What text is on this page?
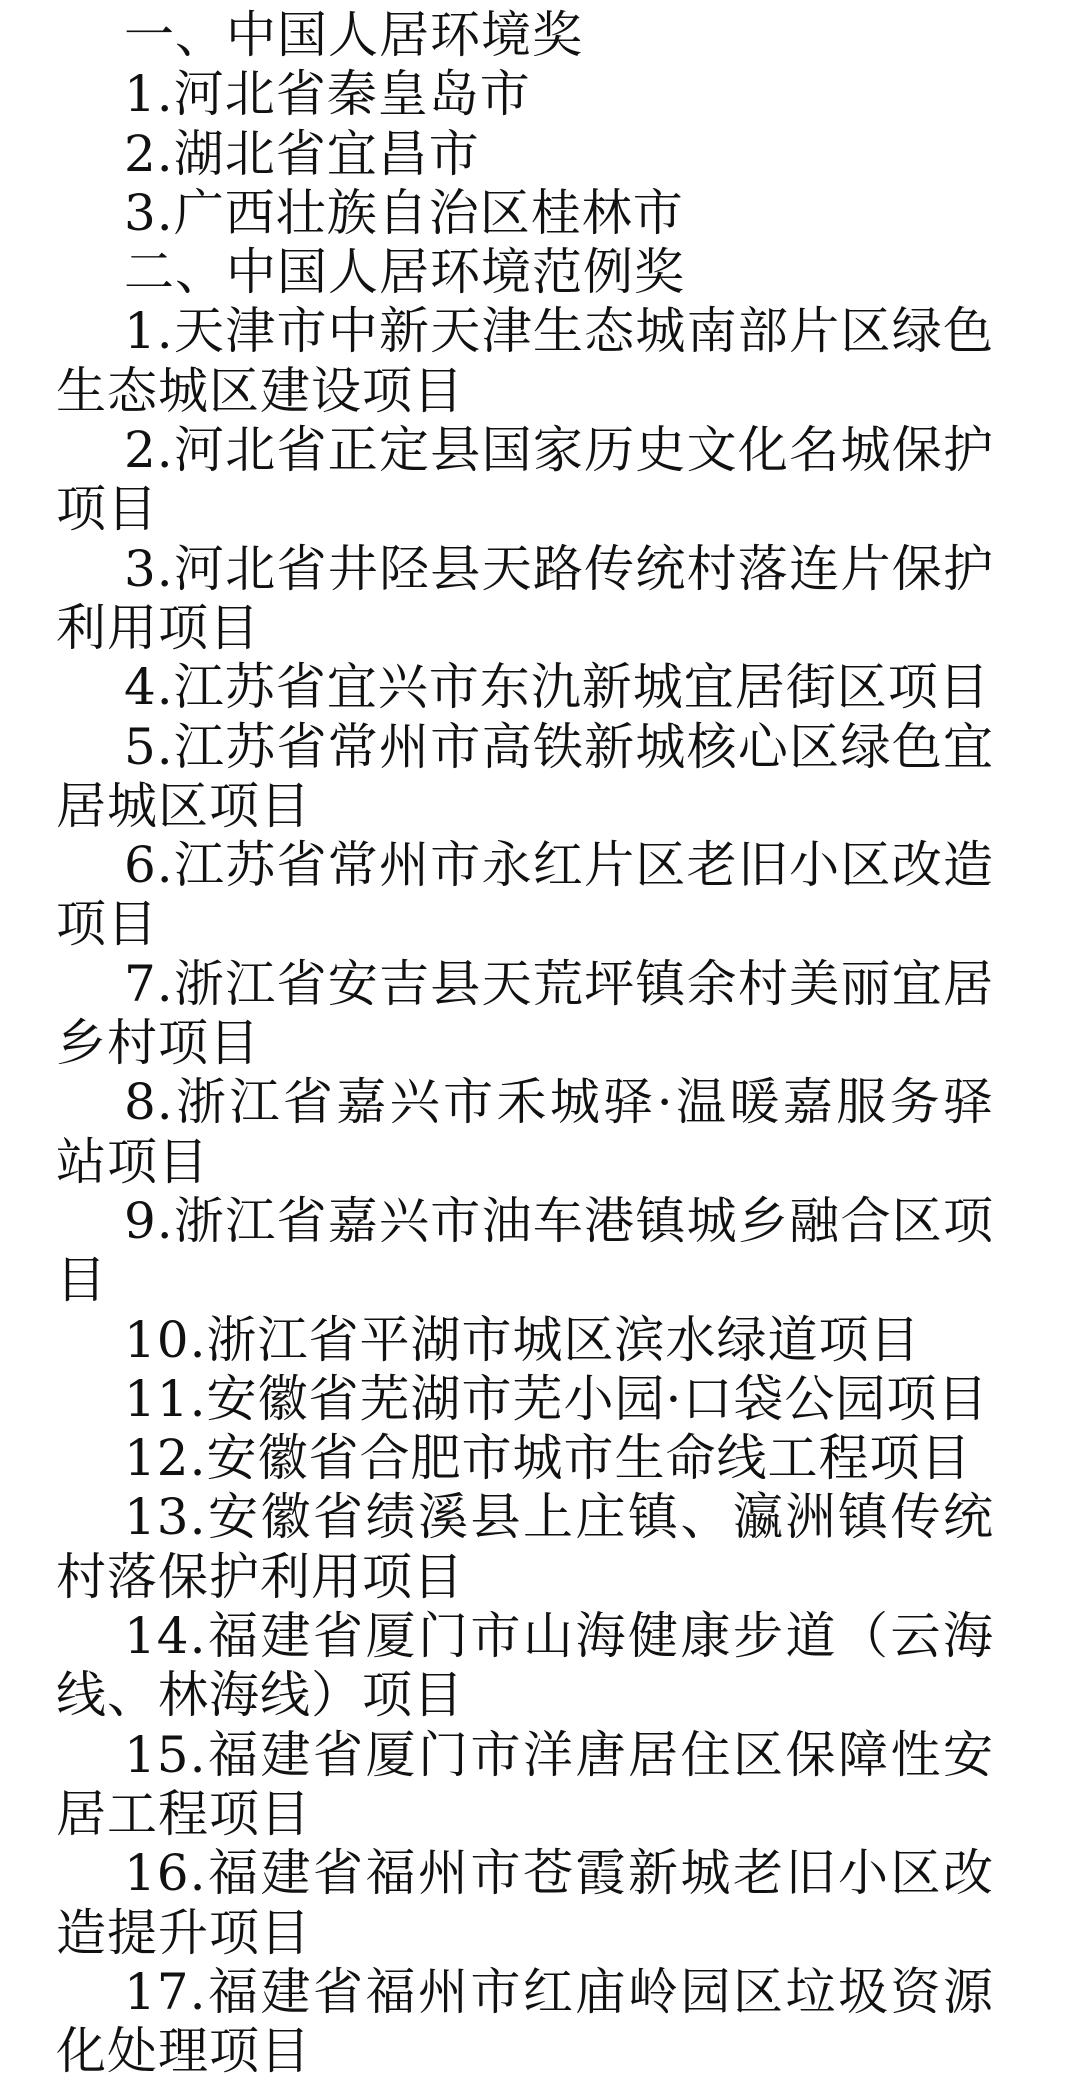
一、中国人居环境奖

1.河北省秦皇岛市

2.湖北省宜昌市

3.广西壮族自治区桂林市

二、中国人居环境范例奖

1.天津市中新天津生态城南部片区绿色生态城区建设项目

2.河北省正定县国家历史文化名城保护项目

3.河北省井陉县天路传统村落连片保护利用项目

4.江苏省宜兴市东氿新城宜居街区项目

5.江苏省常州市高铁新城核心区绿色宜居城区项目

6.江苏省常州市永红片区老旧小区改造项目

7.浙江省安吉县天荒坪镇余村美丽宜居乡村项目

8.浙江省嘉兴市禾城驿·温暖嘉服务驿站项目

9.浙江省嘉兴市油车港镇城乡融合区项目

10.浙江省平湖市城区滨水绿道项目

11.安徽省芜湖市芜小园·口袋公园项目

12.安徽省合肥市城市生命线工程项目

13.安徽省绩溪县上庄镇、瀛洲镇传统村落保护利用项目

14.福建省厦门市山海健康步道（云海线、林海线）项目

15.福建省厦门市洋唐居住区保障性安居工程项目

16.福建省福州市苍霞新城老旧小区改造提升项目

17.福建省福州市红庙岭园区垃圾资源化处理项目
